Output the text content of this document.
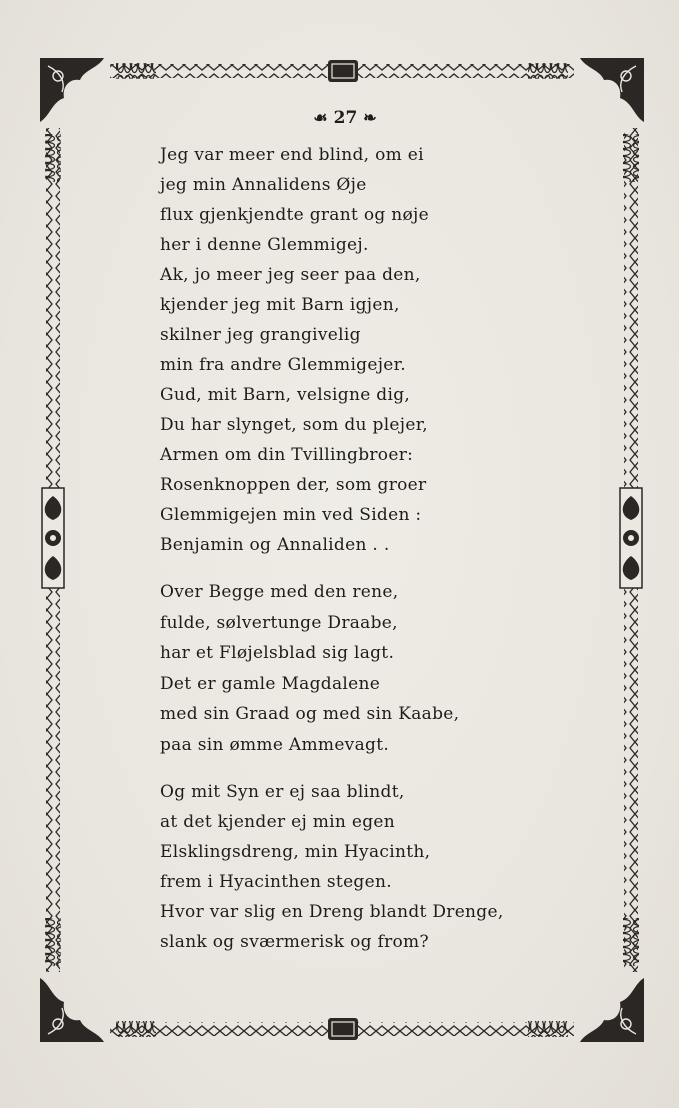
☙ 27 ❧
Jeg var meer end blind, om ei
jeg min Annalidens Øje
flux gjenkjendte grant og nøje
her i denne Glemmigej.
Ak, jo meer jeg seer paa den,
kjender jeg mit Barn igjen,
skilner jeg grangivelig
min fra andre Glemmigejer.
Gud, mit Barn, velsigne dig,
Du har slynget, som du plejer,
Armen om din Tvillingbroer:
Rosenknoppen der, som groer
Glemmigejen min ved Siden :
Benjamin og Annaliden . .
Over Begge med den rene,
fulde, sølvertunge Draabe,
har et Fløjelsblad sig lagt.
Det er gamle Magdalene
med sin Graad og med sin Kaabe,
paa sin ømme Ammevagt.
Og mit Syn er ej saa blindt,
at det kjender ej min egen
Elsklingsdreng, min Hyacinth,
frem i Hyacinthen stegen.
Hvor var slig en Dreng blandt Drenge,
slank og sværmerisk og from?
